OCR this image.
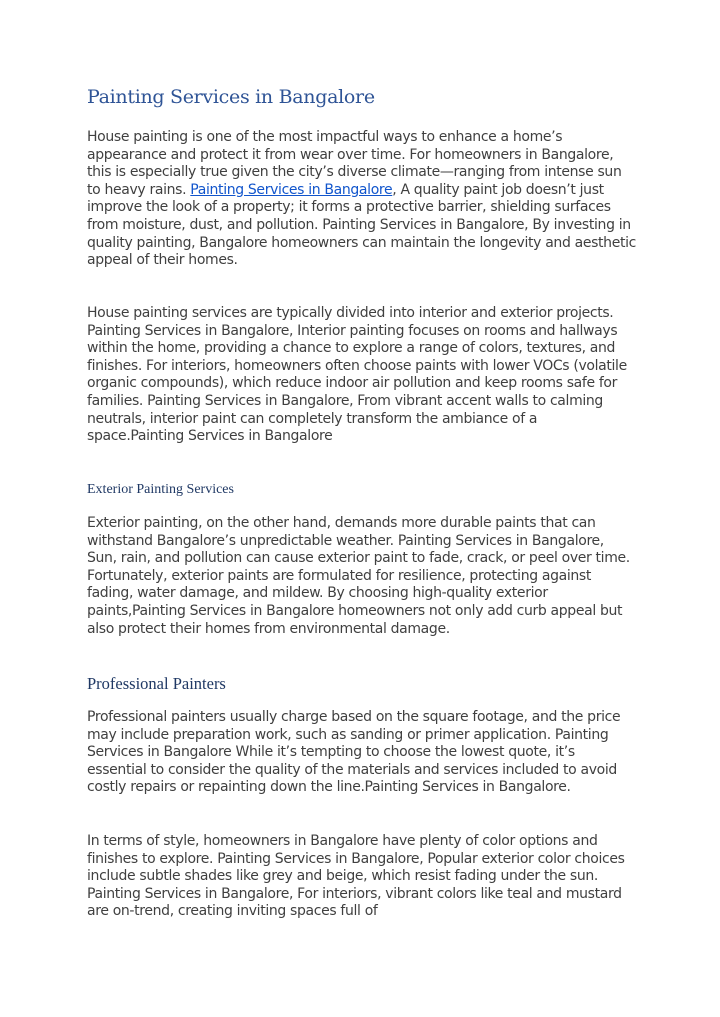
Painting Services in Bangalore

House painting is one of the most impactful ways to enhance a home’s appearance and protect it from wear over time. For homeowners in Bangalore, this is especially true given the city’s diverse climate—ranging from intense sun to heavy rains. Painting Services in Bangalore, A quality paint job doesn’t just improve the look of a property; it forms a protective barrier, shielding surfaces from moisture, dust, and pollution. Painting Services in Bangalore, By investing in quality painting, Bangalore homeowners can maintain the longevity and aesthetic appeal of their homes.

House painting services are typically divided into interior and exterior projects. Painting Services in Bangalore, Interior painting focuses on rooms and hallways within the home, providing a chance to explore a range of colors, textures, and finishes. For interiors, homeowners often choose paints with lower VOCs (volatile organic compounds), which reduce indoor air pollution and keep rooms safe for families. Painting Services in Bangalore, From vibrant accent walls to calming neutrals, interior paint can completely transform the ambiance of a space.Painting Services in Bangalore

Exterior Painting Services

Exterior painting, on the other hand, demands more durable paints that can withstand Bangalore’s unpredictable weather. Painting Services in Bangalore, Sun, rain, and pollution can cause exterior paint to fade, crack, or peel over time. Fortunately, exterior paints are formulated for resilience, protecting against fading, water damage, and mildew. By choosing high-quality exterior paints,Painting Services in Bangalore homeowners not only add curb appeal but also protect their homes from environmental damage.

Professional Painters

Professional painters usually charge based on the square footage, and the price may include preparation work, such as sanding or primer application. Painting Services in Bangalore While it’s tempting to choose the lowest quote, it’s essential to consider the quality of the materials and services included to avoid costly repairs or repainting down the line.Painting Services in Bangalore.

In terms of style, homeowners in Bangalore have plenty of color options and finishes to explore. Painting Services in Bangalore, Popular exterior color choices include subtle shades like grey and beige, which resist fading under the sun. Painting Services in Bangalore, For interiors, vibrant colors like teal and mustard are on-trend, creating inviting spaces full of
